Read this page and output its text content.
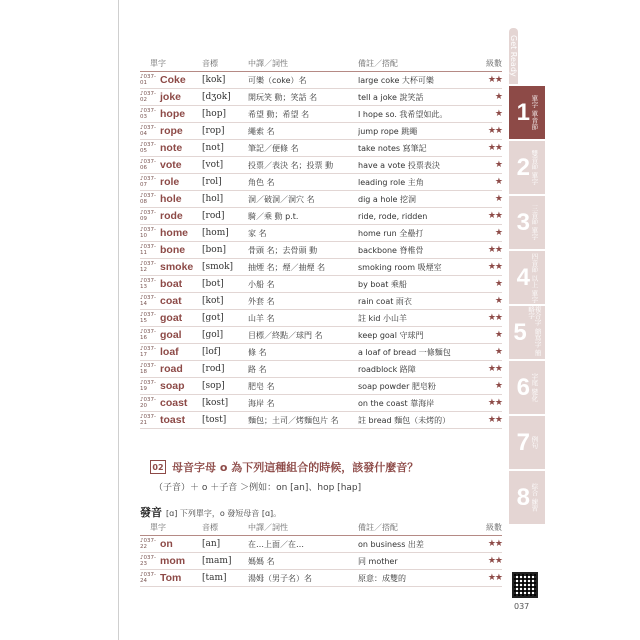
單字	音標	中譯／詞性	備註／搭配	級數
♪037-01	Coke	[kok]	可樂（coke）名	large coke 大杯可樂	★★
♪037-02	joke	[dʒok]	開玩笑 動；笑話 名	tell a joke 說笑話	★
♪037-03	hope	[hop]	希望 動；希望 名	I hope so. 我希望如此。	★
♪037-04	rope	[rop]	繩索 名	jump rope 跳繩	★★
♪037-05	note	[not]	筆記／便條 名	take notes 寫筆記	★★
♪037-06	vote	[vot]	投票／表決 名；投票 動	have a vote 投票表決	★
♪037-07	role	[rol]	角色 名	leading role 主角	★
♪037-08	hole	[hol]	洞／破洞／洞穴 名	dig a hole 挖洞	★
♪037-09	rode	[rod]	騎／乘 動 p.t.	ride, rode, ridden	★★
♪037-10	home	[hom]	家 名	home run 全壘打	★
♪037-11	bone	[bon]	骨頭 名；去骨頭 動	backbone 脊椎骨	★★
♪037-12	smoke [smok]	抽煙 名；煙／抽煙 名	smoking room 吸煙室	★★
♪037-13	boat	[bot]	小船 名	by boat 乘船	★
♪037-14	coat	[kot]	外套 名	rain coat 雨衣	★
♪037-15	goat	[got]	山羊 名	註 kid 小山羊	★★
♪037-16	goal	[gol]	目標／終點／球門 名	keep goal 守球門	★
♪037-17	loaf	[lof]	條 名	a loaf of bread 一條麵包	★
♪037-18	road	[rod]	路 名	roadblock 路障	★★
♪037-19	soap	[sop]	肥皂 名	soap powder 肥皂粉	★
♪037-20	coast	[kost]	海岸 名	on the coast 靠海岸	★★
♪037-21	toast	[tost]	麵包；土司／烤麵包片 名	註 bread 麵包（未烤的）	★★
02 母音字母 o 為下列這種組合的時候，該發什麼音？
（子音）＋ o ＋子音 ＞例如：on [an]、hop [hap]
發音 [ɑ] 下列單字，o 發短母音 [ɑ]。
單字	音標	中譯／詞性	備註／搭配	級數
♪037-22	on	[an]	在…上面／在…	on business 出差	★★
♪037-23	mom	[mam]	媽媽 名	同 mother	★★
♪037-24	Tom	[tam]	湯姆（男子名）名	原意：成雙的	★★
Get Ready
1 單字 單音節
2 雙音節 單字
3 三音節 單字
4 四音節 以上 單字
5	複合字 縮寫字 簡略字
6 字尾 變化
7 例句
8 綜合 練習
037
